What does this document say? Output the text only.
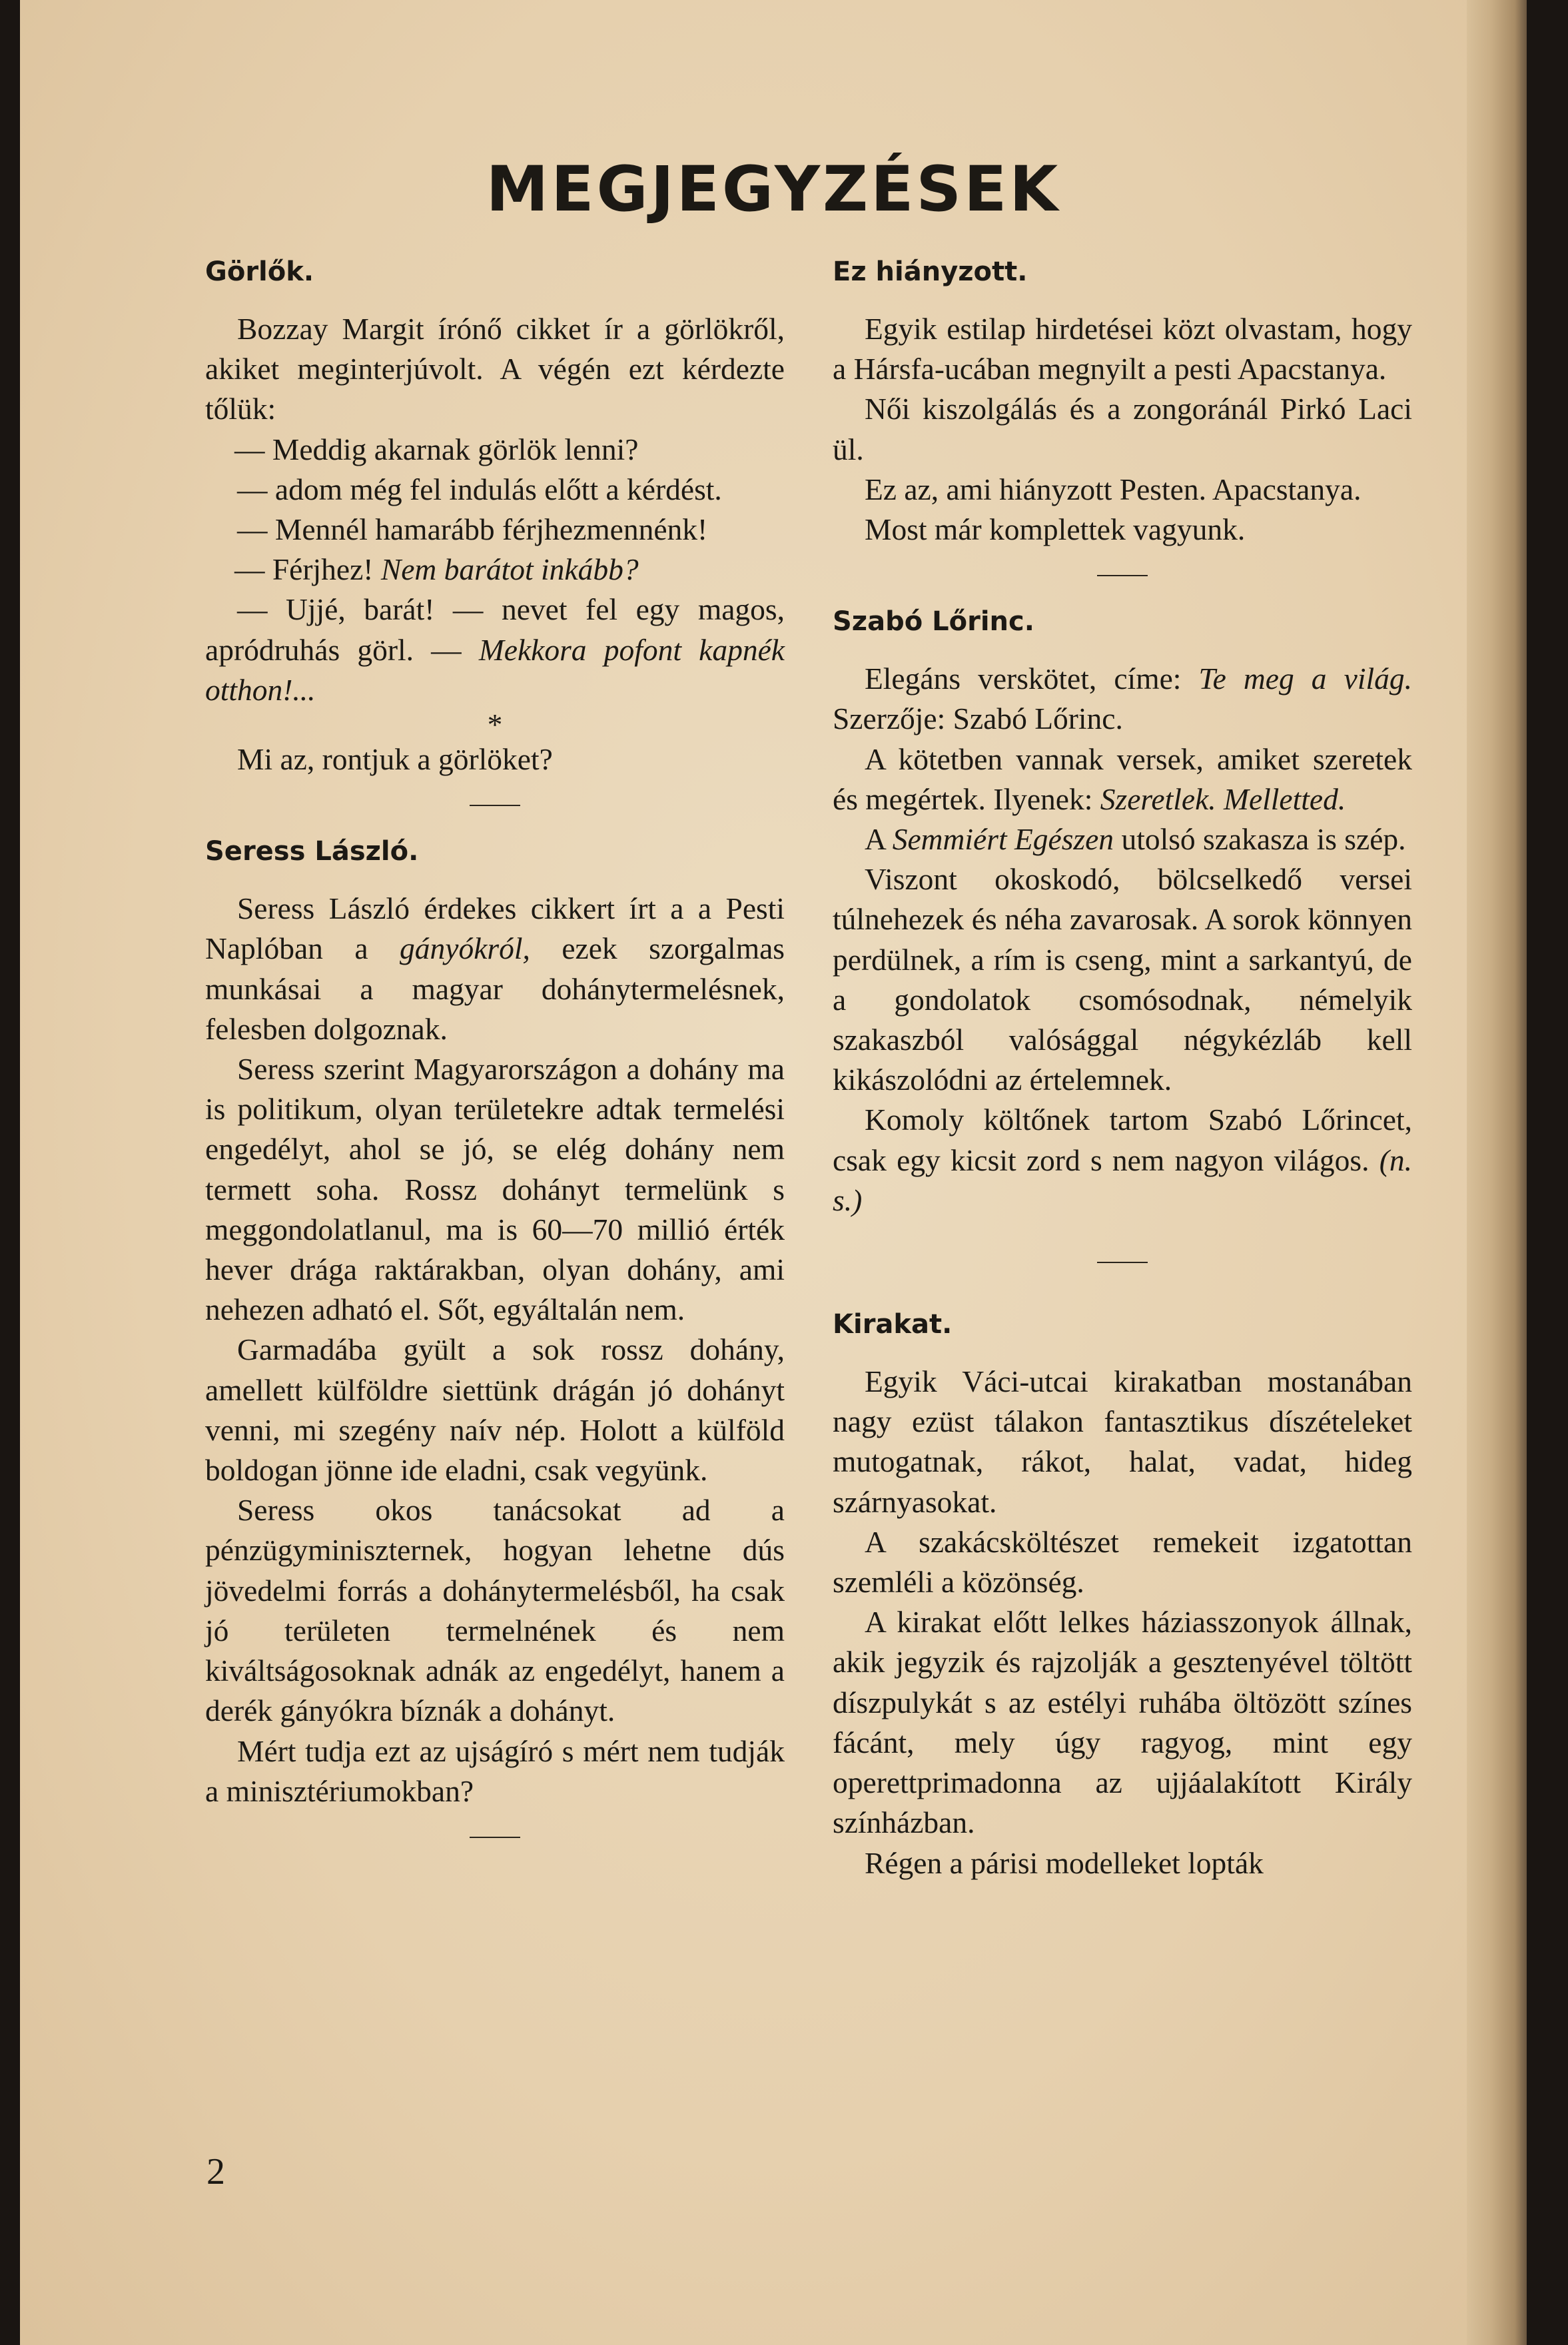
MEGJEGYZÉSEK

Görlők.

Bozzay Margit írónő cikket ír a görlökről, akiket meginterjúvolt. A végén ezt kérdezte tőlük:

— Meddig akarnak görlök lenni?

— adom még fel indulás előtt a kérdést.

— Mennél hamarább férjhezmennénk!

— Férjhez! Nem barátot inkább?

— Ujjé, barát! — nevet fel egy magos, apródruhás görl. — Mekkora pofont kapnék otthon!...

*

Mi az, rontjuk a görlöket?

Seress László.

Seress László érdekes cikkert írt a a Pesti Naplóban a gányókról, ezek szorgalmas munkásai a magyar dohánytermelésnek, felesben dolgoznak.

Seress szerint Magyarországon a dohány ma is politikum, olyan területekre adtak termelési engedélyt, ahol se jó, se elég dohány nem termett soha. Rossz dohányt termelünk s meggondolatlanul, ma is 60—70 millió érték hever drága raktárakban, olyan dohány, ami nehezen adható el. Sőt, egyáltalán nem.

Garmadába gyült a sok rossz dohány, amellett külföldre siettünk drágán jó dohányt venni, mi szegény naív nép. Holott a külföld boldogan jönne ide eladni, csak vegyünk.

Seress okos tanácsokat ad a pénzügyminiszternek, hogyan lehetne dús jövedelmi forrás a dohánytermelésből, ha csak jó területen termelnének és nem kiváltságosoknak adnák az engedélyt, hanem a derék gányókra bíznák a dohányt.

Mért tudja ezt az ujságíró s mért nem tudják a minisztériumokban?

Ez hiányzott.

Egyik estilap hirdetései közt olvastam, hogy a Hársfa-ucában megnyilt a pesti Apacstanya.

Női kiszolgálás és a zongoránál Pirkó Laci ül.

Ez az, ami hiányzott Pesten. Apacstanya.

Most már komplettek vagyunk.

Szabó Lőrinc.

Elegáns verskötet, címe: Te meg a világ. Szerzője: Szabó Lőrinc.

A kötetben vannak versek, amiket szeretek és megértek. Ilyenek: Szeretlek. Melletted.

A Semmiért Egészen utolsó szakasza is szép.

Viszont okoskodó, bölcselkedő versei túlnehezek és néha zavarosak. A sorok könnyen perdülnek, a rím is cseng, mint a sarkantyú, de a gondolatok csomósodnak, némelyik szakaszból valósággal négykézláb kell kikászolódni az értelemnek.

Komoly költőnek tartom Szabó Lőrincet, csak egy kicsit zord s nem nagyon világos. (n. s.)

Kirakat.

Egyik Váci-utcai kirakatban mostanában nagy ezüst tálakon fantasztikus díszételeket mutogatnak, rákot, halat, vadat, hideg szárnyasokat.

A szakácsköltészet remekeit izgatottan szemléli a közönség.

A kirakat előtt lelkes háziasszonyok állnak, akik jegyzik és rajzolják a gesztenyével töltött díszpulykát s az estélyi ruhába öltözött színes fácánt, mely úgy ragyog, mint egy operettprimadonna az ujjáalakított Király színházban.

Régen a párisi modelleket lopták

2
